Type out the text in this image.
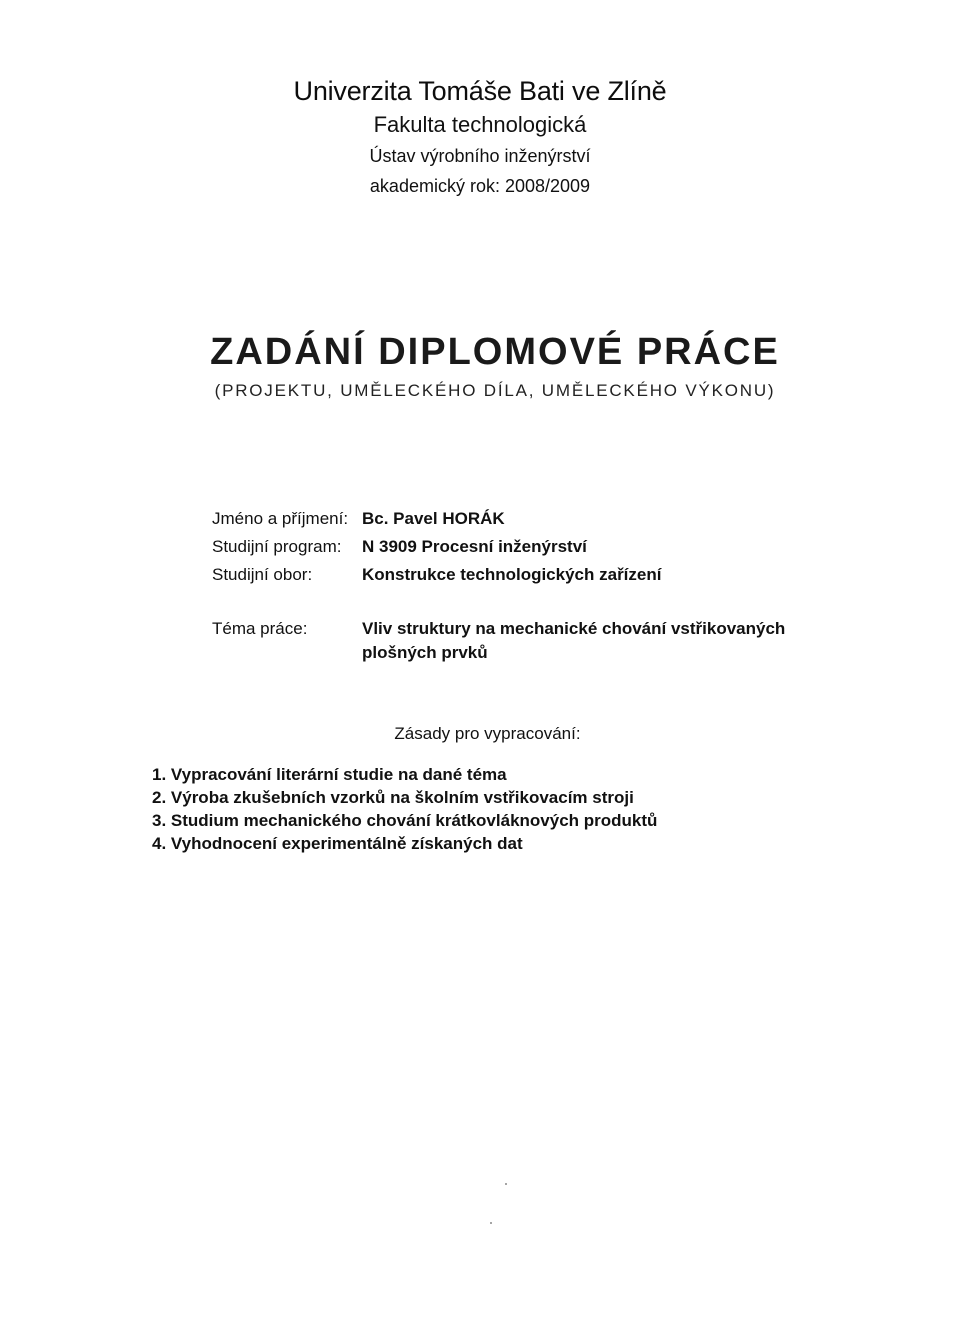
Univerzita Tomáše Bati ve Zlíně
Fakulta technologická
Ústav výrobního inženýrství
akademický rok: 2008/2009
ZADÁNÍ DIPLOMOVÉ PRÁCE
(PROJEKTU, UMĚLECKÉHO DÍLA, UMĚLECKÉHO VÝKONU)
Jméno a příjmení: Bc. Pavel HORÁK
Studijní program:	N 3909 Procesní inženýrství
Studijní obor:	Konstrukce technologických zařízení
Téma práce:	Vliv struktury na mechanické chování vstřikovaných
plošných prvků
Zásady pro vypracování:
1. Vypracování literární studie na dané téma
2. Výroba zkušebních vzorků na školním vstřikovacím stroji
3. Studium mechanického chování krátkovláknových produktů
4. Vyhodnocení experimentálně získaných dat
